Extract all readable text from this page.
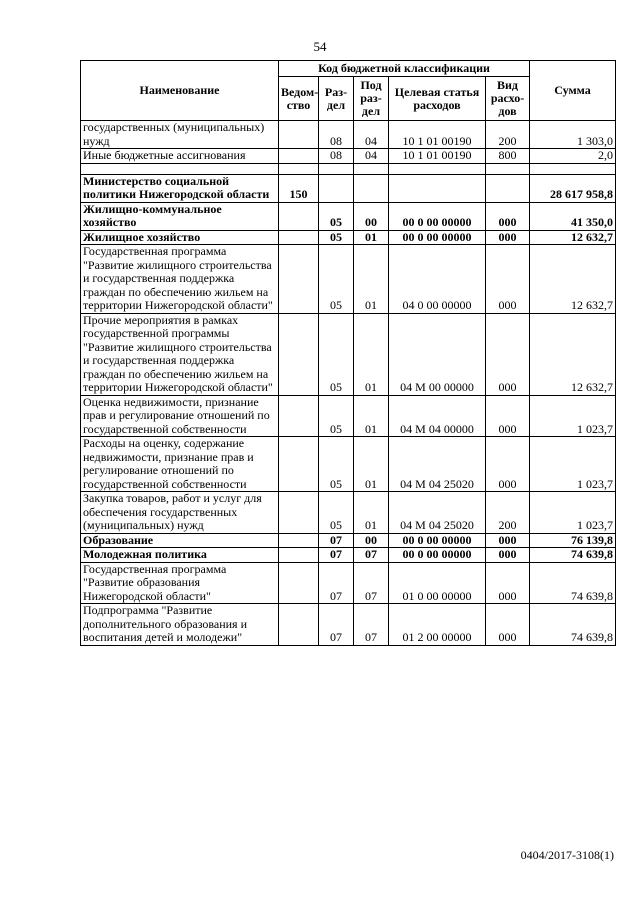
54
Наименование	Код бюджетной классификации					Сумма
	Ведом-ство	Раз-дел	Под раз-дел	Целевая статья расходов	Вид расхо-дов	
государственных (муниципальных) нужд		08	04	10 1 01 00190	200	1 303,0
Иные бюджетные ассигнования		08	04	10 1 01 00190	800	2,0

Министерство социальной политики Нижегородской области	150					28 617 958,8
Жилищно-коммунальное хозяйство		05	00	00 0 00 00000	000	41 350,0
Жилищное хозяйство		05	01	00 0 00 00000	000	12 632,7
Государственная программа "Развитие жилищного строительства и государственная поддержка граждан по обеспечению жильем на территории Нижегородской области"		05	01	04 0 00 00000	000	12 632,7
Прочие мероприятия в рамках государственной программы "Развитие жилищного строительства и государственная поддержка граждан по обеспечению жильем на территории Нижегородской области"		05	01	04 М 00 00000	000	12 632,7
Оценка недвижимости, признание прав и регулирование отношений по государственной собственности		05	01	04 М 04 00000	000	1 023,7
Расходы на оценку, содержание недвижимости, признание прав и регулирование отношений по государственной собственности		05	01	04 М 04 25020	000	1 023,7
Закупка товаров, работ и услуг для обеспечения государственных (муниципальных) нужд		05	01	04 М 04 25020	200	1 023,7
Образование		07	00	00 0 00 00000	000	76 139,8
Молодежная политика		07	07	00 0 00 00000	000	74 639,8
Государственная программа "Развитие образования Нижегородской области"		07	07	01 0 00 00000	000	74 639,8
Подпрограмма "Развитие дополнительного образования и воспитания детей и молодежи"		07	07	01 2 00 00000	000	74 639,8
0404/2017-3108(1)
